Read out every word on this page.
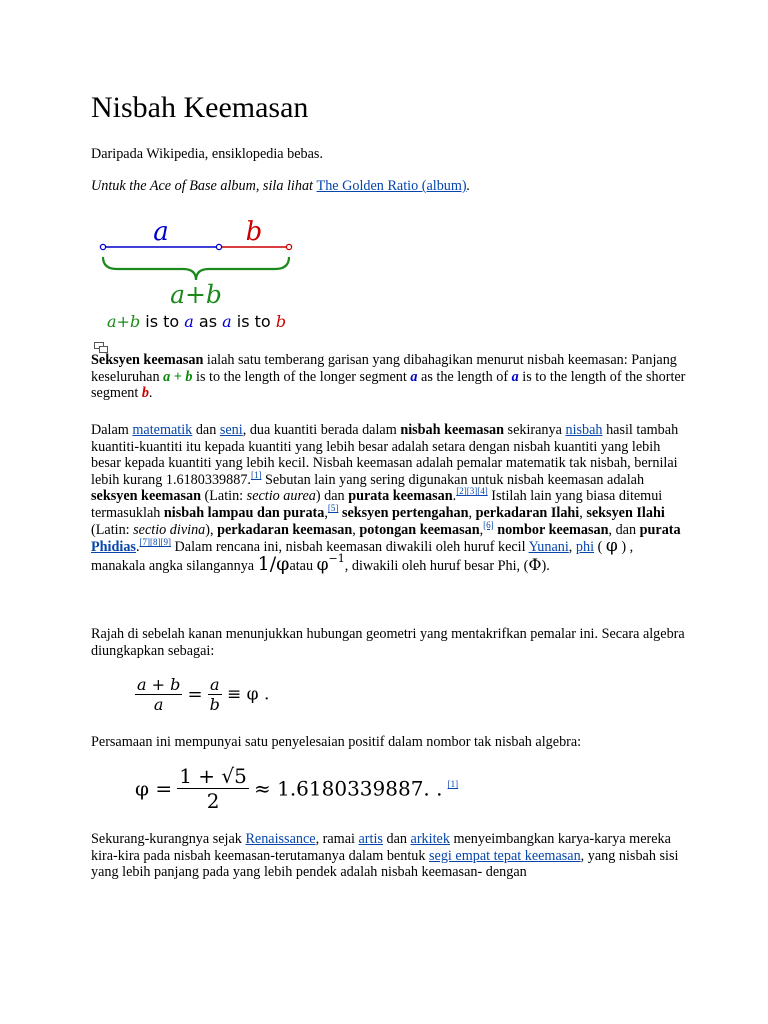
Nisbah Keemasan

Daripada Wikipedia, ensiklopedia bebas.

Untuk the Ace of Base album, sila lihat The Golden Ratio (album).

a	b
a+b
a+b is to a as a is to b

Seksyen keemasan ialah satu temberang garisan yang dibahagikan menurut nisbah keemasan: Panjang keseluruhan a + b is to the length of the longer segment a as the length of a is to the length of the shorter segment b.

Dalam matematik dan seni, dua kuantiti berada dalam nisbah keemasan sekiranya nisbah hasil tambah kuantiti-kuantiti itu kepada kuantiti yang lebih besar adalah setara dengan nisbah kuantiti yang lebih besar kepada kuantiti yang lebih kecil. Nisbah keemasan adalah pemalar matematik tak nisbah, bernilai lebih kurang 1.6180339887.[1] Sebutan lain yang sering digunakan untuk nisbah keemasan adalah seksyen keemasan (Latin: sectio aurea) dan purata keemasan.[2][3][4] Istilah lain yang biasa ditemui termasuklah nisbah lampau dan purata,[5] seksyen pertengahan, perkadaran Ilahi, seksyen Ilahi (Latin: sectio divina), perkadaran keemasan, potongan keemasan,[6] nombor keemasan, dan purata Phidias.[7][8][9] Dalam rencana ini, nisbah keemasan diwakili oleh huruf kecil Yunani, phi ( φ ) , manakala angka silangannya 1/φatau $\varphi^{-1}$, diwakili oleh huruf besar Phi, (Φ).

Rajah di sebelah kanan menunjukkan hubungan geometri yang mentakrifkan pemalar ini. Secara algebra diungkapkan sebagai:

$\frac{a + b}{a} = \frac{a}{b} \equiv \varphi$ .

Persamaan ini mempunyai satu penyelesaian positif dalam nombor tak nisbah algebra:

$\varphi = \frac{1 + √5}{2} \approx 1.6180339887$. . [1]

Sekurang-kurangnya sejak Renaissance, ramai artis dan arkitek menyeimbangkan karya-karya mereka kira-kira pada nisbah keemasan-terutamanya dalam bentuk segi empat tepat keemasan, yang nisbah sisi yang lebih panjang pada yang lebih pendek adalah nisbah keemasan- dengan
